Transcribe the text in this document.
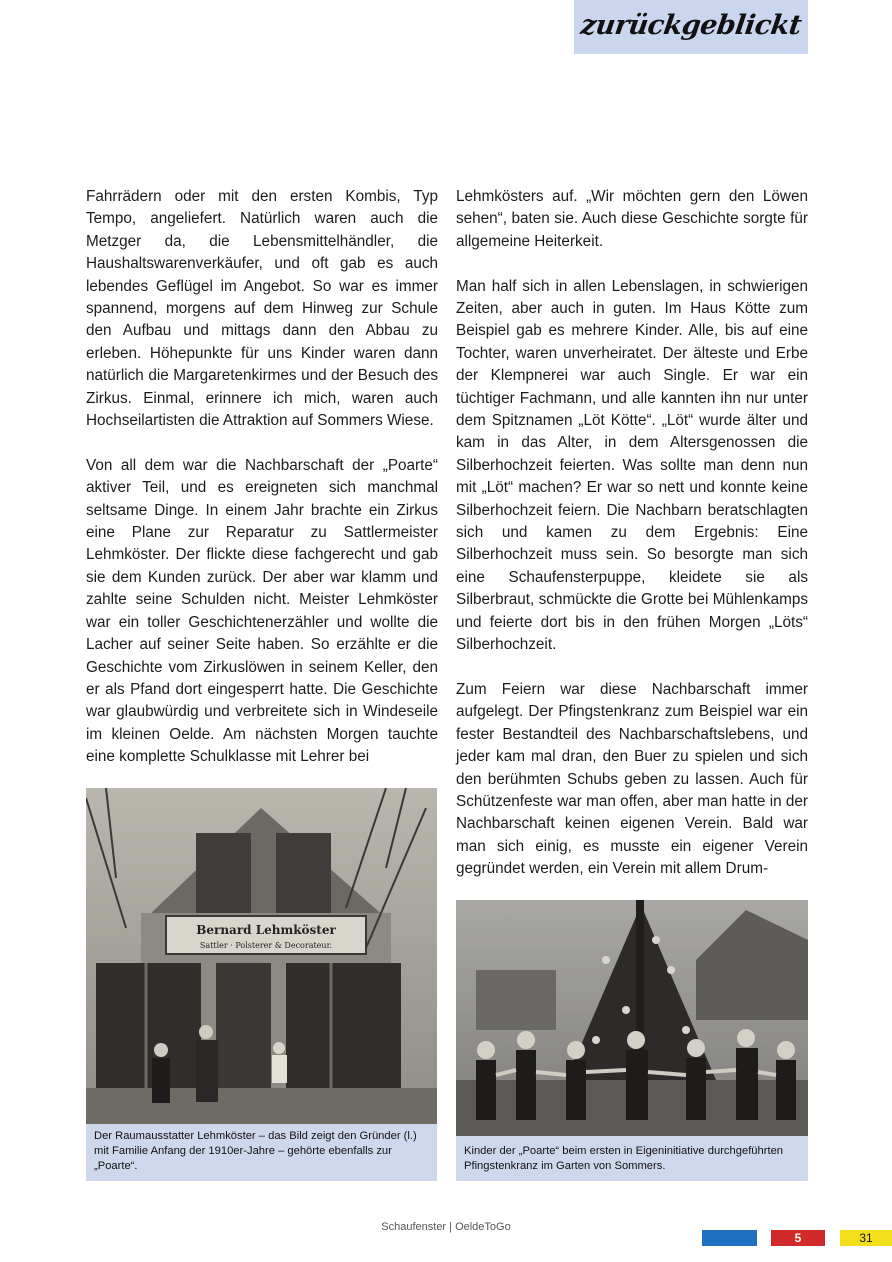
zurückgeblickt

Fahrrädern oder mit den ersten Kombis, Typ Tempo, angeliefert. Natürlich waren auch die Metzger da, die Lebensmittelhändler, die Haushaltswarenverkäufer, und oft gab es auch lebendes Geflügel im Angebot. So war es immer spannend, morgens auf dem Hinweg zur Schule den Aufbau und mittags dann den Abbau zu erleben. Höhepunkte für uns Kinder waren dann natürlich die Margaretenkirmes und der Besuch des Zirkus. Einmal, erinnere ich mich, waren auch Hochseilartisten die Attraktion auf Sommers Wiese.

Von all dem war die Nachbarschaft der „Poarte“ aktiver Teil, und es ereigneten sich manchmal seltsame Dinge. In einem Jahr brachte ein Zirkus eine Plane zur Reparatur zu Sattlermeister Lehmköster. Der flickte diese fachgerecht und gab sie dem Kunden zurück. Der aber war klamm und zahlte seine Schulden nicht. Meister Lehmköster war ein toller Geschichtenerzähler und wollte die Lacher auf seiner Seite haben. So erzählte er die Geschichte vom Zirkuslöwen in seinem Keller, den er als Pfand dort eingesperrt hatte. Die Geschichte war glaubwürdig und verbreitete sich in Windeseile im kleinen Oelde. Am nächsten Morgen tauchte eine komplette Schulklasse mit Lehrer bei

Lehmkösters auf. „Wir möchten gern den Löwen sehen“, baten sie. Auch diese Geschichte sorgte für allgemeine Heiterkeit.

Man half sich in allen Lebenslagen, in schwierigen Zeiten, aber auch in guten. Im Haus Kötte zum Beispiel gab es mehrere Kinder. Alle, bis auf eine Tochter, waren unverheiratet. Der älteste und Erbe der Klempnerei war auch Single. Er war ein tüchtiger Fachmann, und alle kannten ihn nur unter dem Spitznamen „Löt Kötte“. „Löt“ wurde älter und kam in das Alter, in dem Altersgenossen die Silberhochzeit feierten. Was sollte man denn nun mit „Löt“ machen? Er war so nett und konnte keine Silberhochzeit feiern. Die Nachbarn beratschlagten sich und kamen zu dem Ergebnis: Eine Silberhochzeit muss sein. So besorgte man sich eine Schaufensterpuppe, kleidete sie als Silberbraut, schmückte die Grotte bei Mühlenkamps und feierte dort bis in den frühen Morgen „Löts“ Silberhochzeit.

Zum Feiern war diese Nachbarschaft immer aufgelegt. Der Pfingstenkranz zum Beispiel war ein fester Bestandteil des Nachbarschaftslebens, und jeder kam mal dran, den Buer zu spielen und sich den berühmten Schubs geben zu lassen. Auch für Schützenfeste war man offen, aber man hatte in der Nachbarschaft keinen eigenen Verein. Bald war man sich einig, es musste ein eigener Verein gegründet werden, ein Verein mit allem Drum-

Bernard Lehmköster
Sattler · Polsterer & Decorateur.
Der Raumausstatter Lehmköster – das Bild zeigt den Gründer (l.) mit Familie Anfang der 1910er-Jahre – gehörte ebenfalls zur „Poarte“.
Kinder der „Poarte“ beim ersten in Eigeninitiative durchgeführten Pfingstenkranz im Garten von Sommers.
Schaufenster | OeldeToGo
5	31
